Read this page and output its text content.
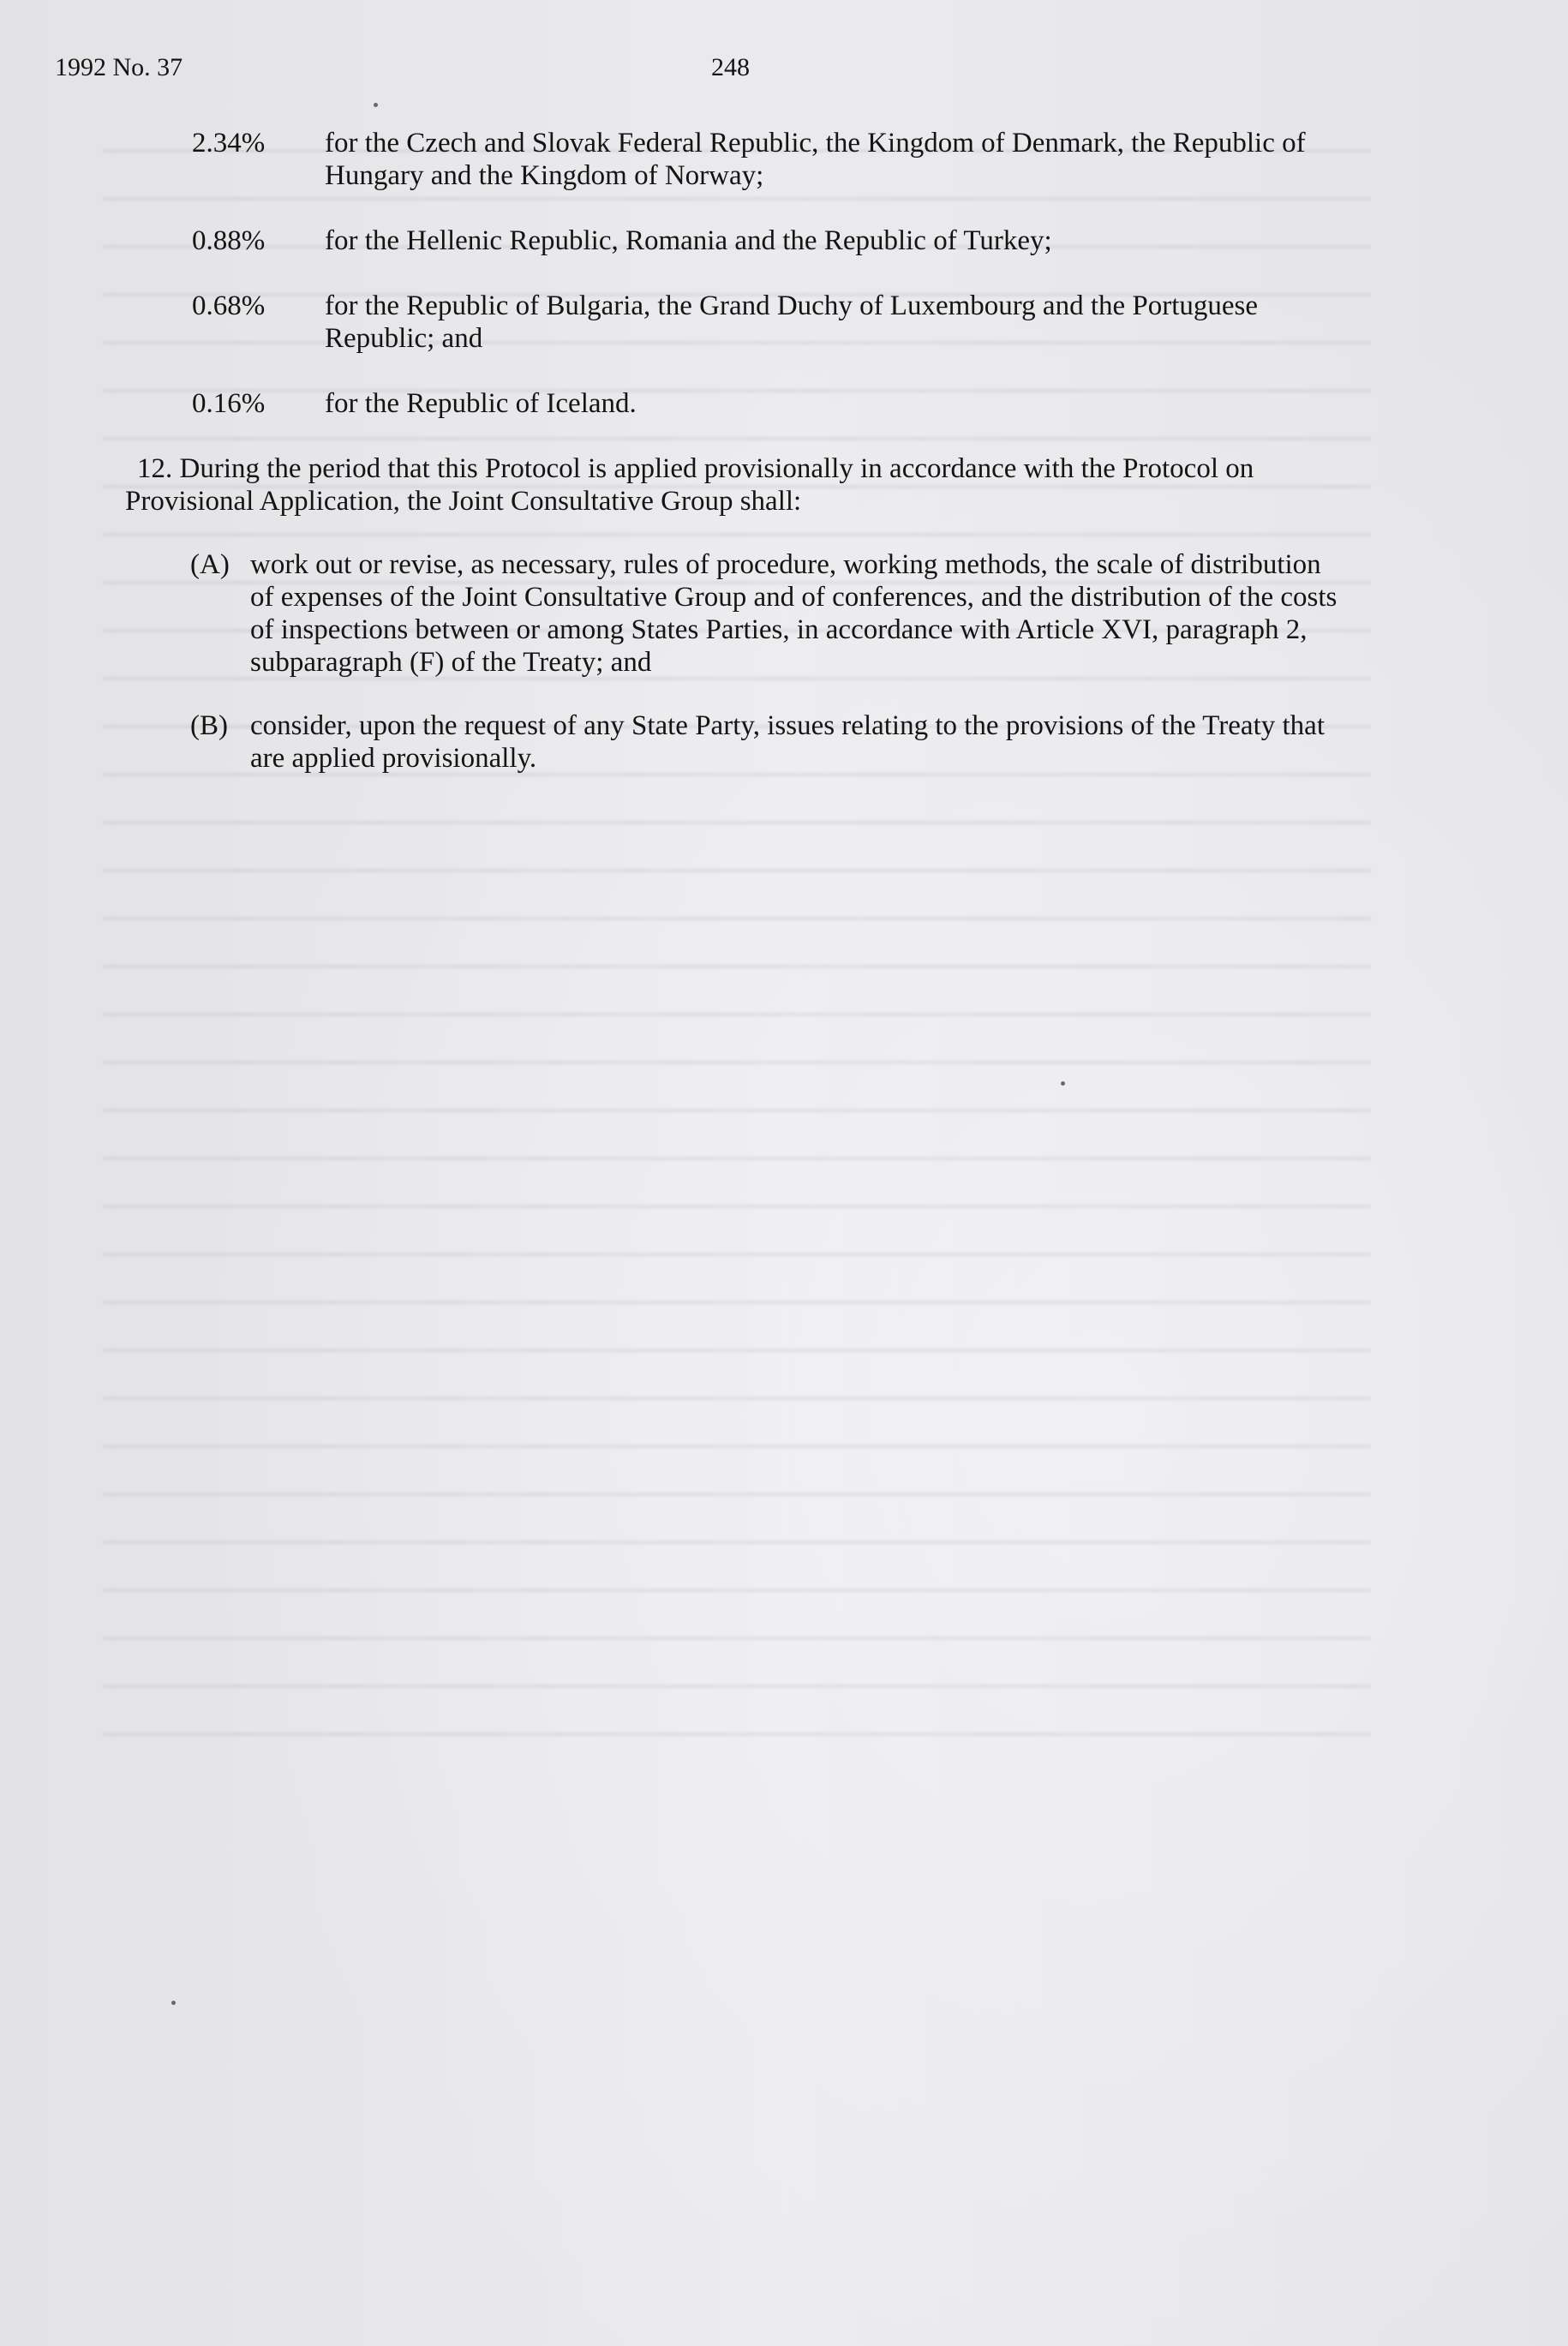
1992 No. 37	248
2.34%	for the Czech and Slovak Federal Republic, the Kingdom of Denmark, the Republic of Hungary and the Kingdom of Norway;
0.88%	for the Hellenic Republic, Romania and the Republic of Turkey;
0.68%	for the Republic of Bulgaria, the Grand Duchy of Luxembourg and the Portuguese Republic; and
0.16%	for the Republic of Iceland.
12. During the period that this Protocol is applied provisionally in accordance with the Protocol on Provisional Application, the Joint Consultative Group shall:
(A) work out or revise, as necessary, rules of procedure, working methods, the scale of distribution of expenses of the Joint Consultative Group and of conferences, and the distribution of the costs of inspections between or among States Parties, in accordance with Article XVI, paragraph 2, subparagraph (F) of the Treaty; and
(B) consider, upon the request of any State Party, issues relating to the provisions of the Treaty that are applied provisionally.
